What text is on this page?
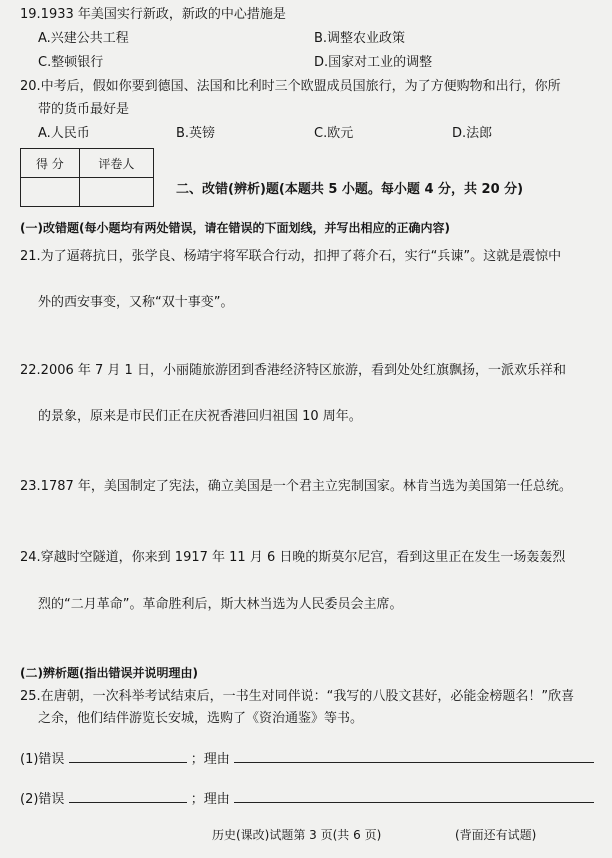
19.1933 年美国实行新政，新政的中心措施是
A.兴建公共工程	B.调整农业政策
C.整顿银行	D.国家对工业的调整
20.中考后，假如你要到德国、法国和比利时三个欧盟成员国旅行，为了方便购物和出行，你所
带的货币最好是
A.人民币	B.英镑	C.欧元	D.法郎
得 分	评卷人

二、改错(辨析)题(本题共 5 小题。每小题 4 分，共 20 分)
(一)改错题(每小题均有两处错误，请在错误的下面划线，并写出相应的正确内容)
21.为了逼蒋抗日，张学良、杨靖宇将军联合行动，扣押了蒋介石，实行“兵谏”。这就是震惊中
外的西安事变，又称“双十事变”。
22.2006 年 7 月 1 日，小丽随旅游团到香港经济特区旅游，看到处处红旗飘扬，一派欢乐祥和
的景象，原来是市民们正在庆祝香港回归祖国 10 周年。
23.1787 年，美国制定了宪法，确立美国是一个君主立宪制国家。林肯当选为美国第一任总统。
24.穿越时空隧道，你来到 1917 年 11 月 6 日晚的斯莫尔尼宫，看到这里正在发生一场轰轰烈
烈的“二月革命”。革命胜利后，斯大林当选为人民委员会主席。
(二)辨析题(指出错误并说明理由)
25.在唐朝，一次科举考试结束后，一书生对同伴说：“我写的八股文甚好，必能金榜题名！”欣喜
之余，他们结伴游览长安城，选购了《资治通鉴》等书。
(1)错误	；理由
(2)错误	；理由
历史(课改)试题第 3 页(共 6 页)	(背面还有试题)
